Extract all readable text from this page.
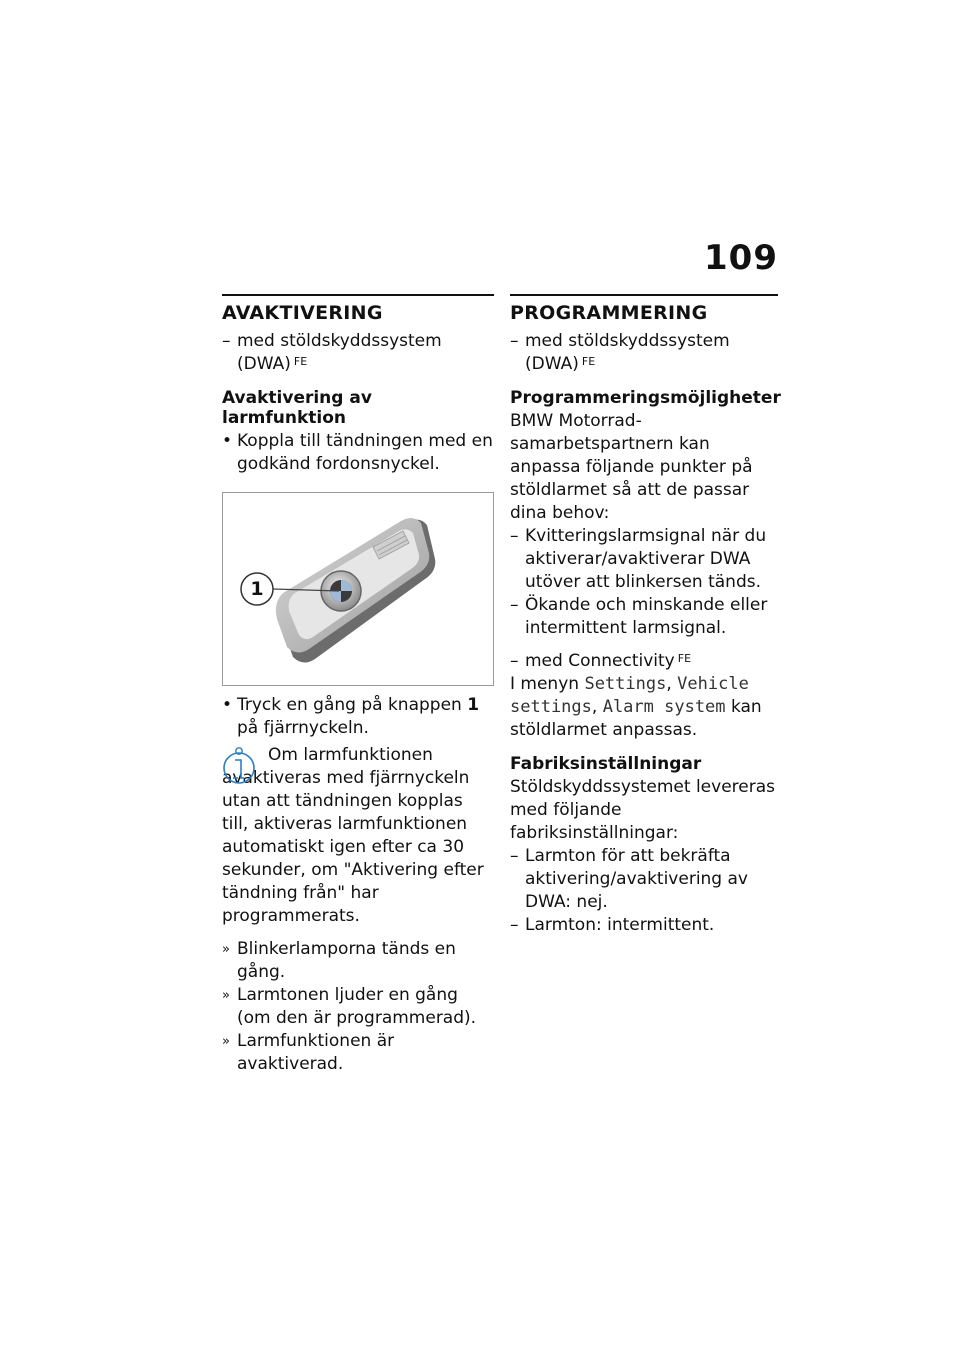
109
AVAKTIVERING
– med stöldskyddssystem (DWA) $^{FE}$
Avaktivering av larmfunktion
• Koppla till tändningen med en godkänd fordonsnyckel.
1
• Tryck en gång på knappen 1 på fjärrnyckeln.
Om larmfunktionen avaktiveras med fjärrnyckeln utan att tändningen kopplas till, aktiveras larmfunktionen automatiskt igen efter ca 30 sekunder, om "Aktivering efter tändning från" har programmerats.
» Blinkerlamporna tänds en gång.
» Larmtonen ljuder en gång (om den är programmerad).
» Larmfunktionen är avaktiverad.
PROGRAMMERING
– med stöldskyddssystem (DWA) $^{FE}$
Programmeringsmöjligheter

BMW Motorrad-samarbetspartnern kan anpassa följande punkter på stöldlarmet så att de passar dina behov:

– Kvitteringslarmsignal när du aktiverar/avaktiverar DWA utöver att blinkersen tänds.
– Ökande och minskande eller intermittent larmsignal.
– med Connectivity $^{FE}$

I menyn Settings, Vehicle settings, Alarm system kan stöldlarmet anpassas.

Fabriksinställningar

Stöldskyddssystemet levereras med följande fabriksinställningar:

– Larmton för att bekräfta aktivering/avaktivering av DWA: nej.
– Larmton: intermittent.
